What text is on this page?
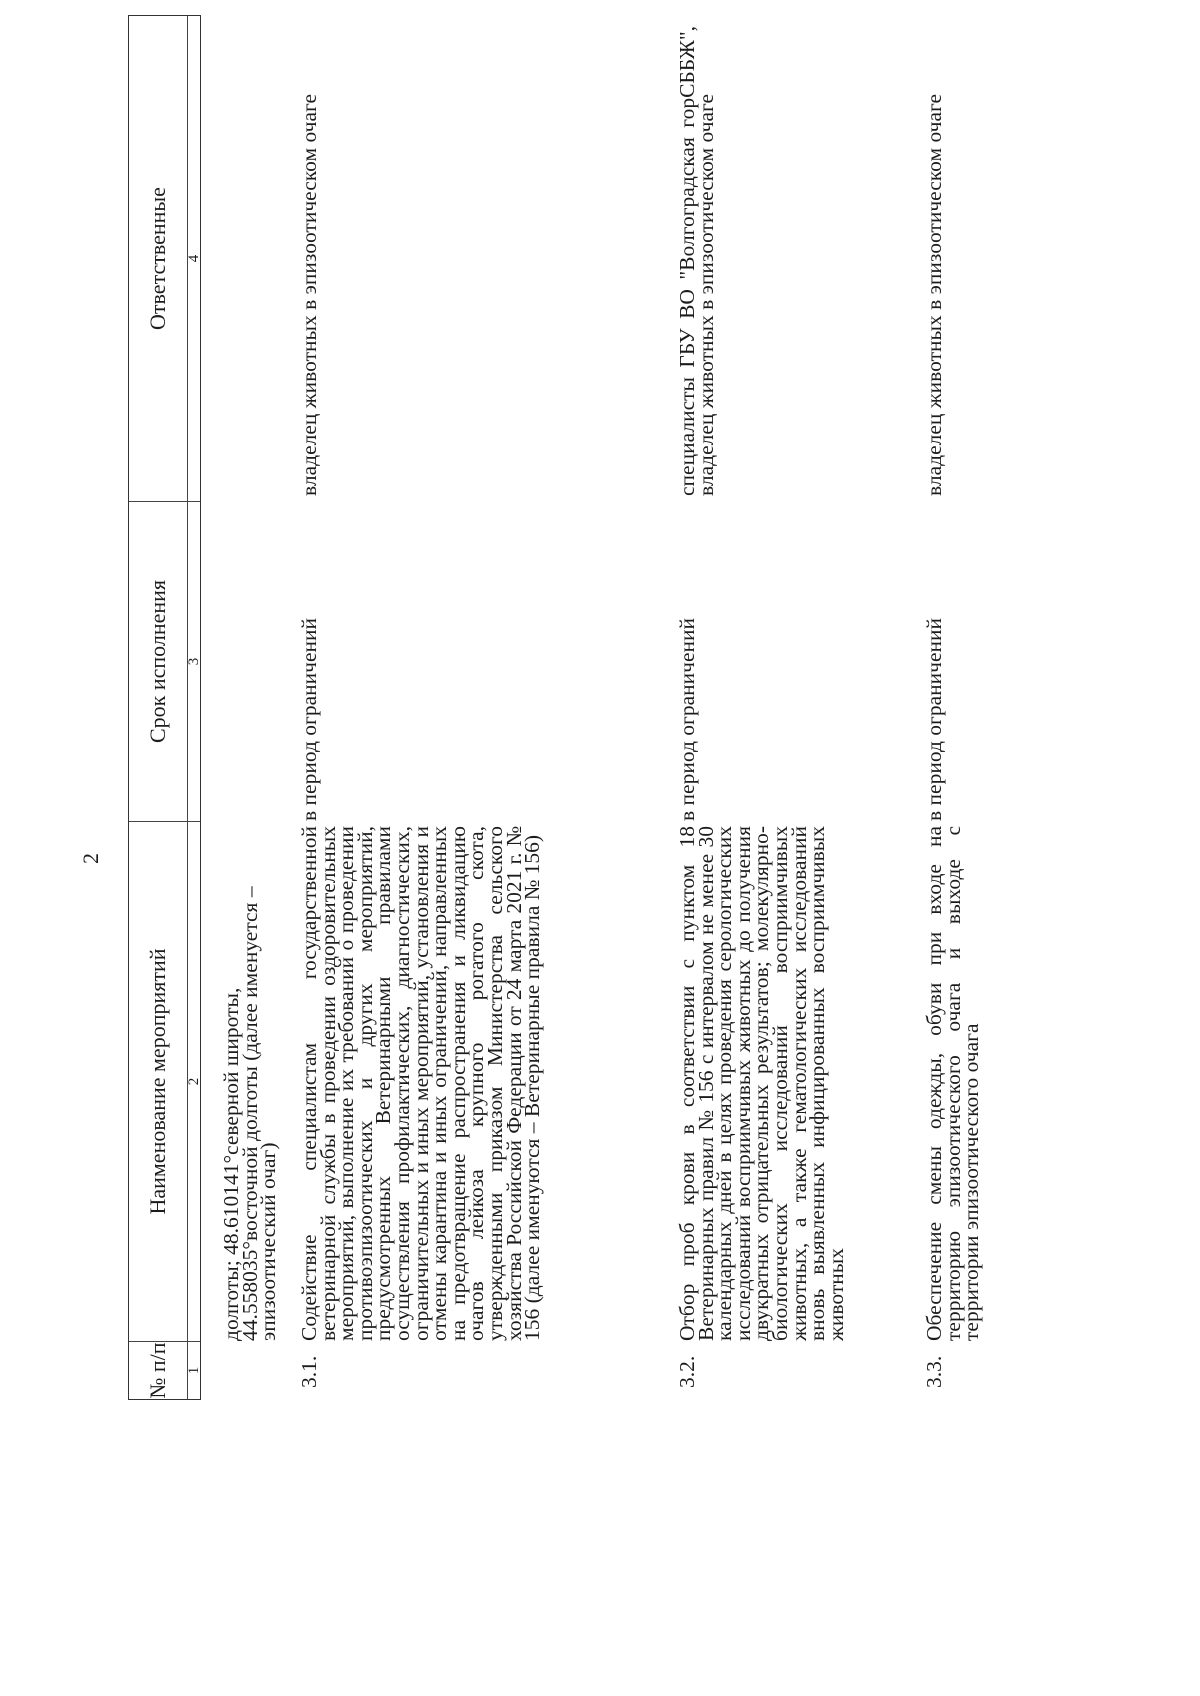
2
№ п/п
Наименование мероприятий
Срок исполнения
Ответственные
1
2
3
4
долготы; 48.610141°северной широты, 44.558035°восточной долготы (далее именуется – эпизоотический очаг)
3.1.
Содействие специалистам государственной ветеринарной службы в проведении оздоровительных мероприятий, выполнение их требований о проведении противоэпизоотических и других мероприятий, предусмотренных Ветеринарными правилами осуществления профилактических, диагностических, ограничительных и иных мероприятий, установления и отмены карантина и иных ограничений, направленных на предотвращение распространения и ликвидацию очагов лейкоза крупного рогатого скота, утвержденными приказом Министерства сельского хозяйства Российской Федерации от 24 марта 2021 г. № 156 (далее именуются – Ветеринарные правила № 156)
в период ограничений
владелец животных в эпизоотическом очаге
3.2.
Отбор проб крови в соответствии с пунктом 18 Ветеринарных правил № 156 с интервалом не менее 30 календарных дней в целях проведения серологических исследований восприимчивых животных до получения двукратных отрицательных результатов; молекулярно-биологических исследований восприимчивых животных, а также гематологических исследований вновь выявленных инфицированных восприимчивых животных
в период ограничений
специалисты ГБУ ВО "Волгоградская горСББЖ", владелец животных в эпизоотическом очаге
3.3.
Обеспечение смены одежды, обуви при входе на территорию эпизоотического очага и выходе с территории эпизоотического очага
в период ограничений
владелец животных в эпизоотическом очаге
